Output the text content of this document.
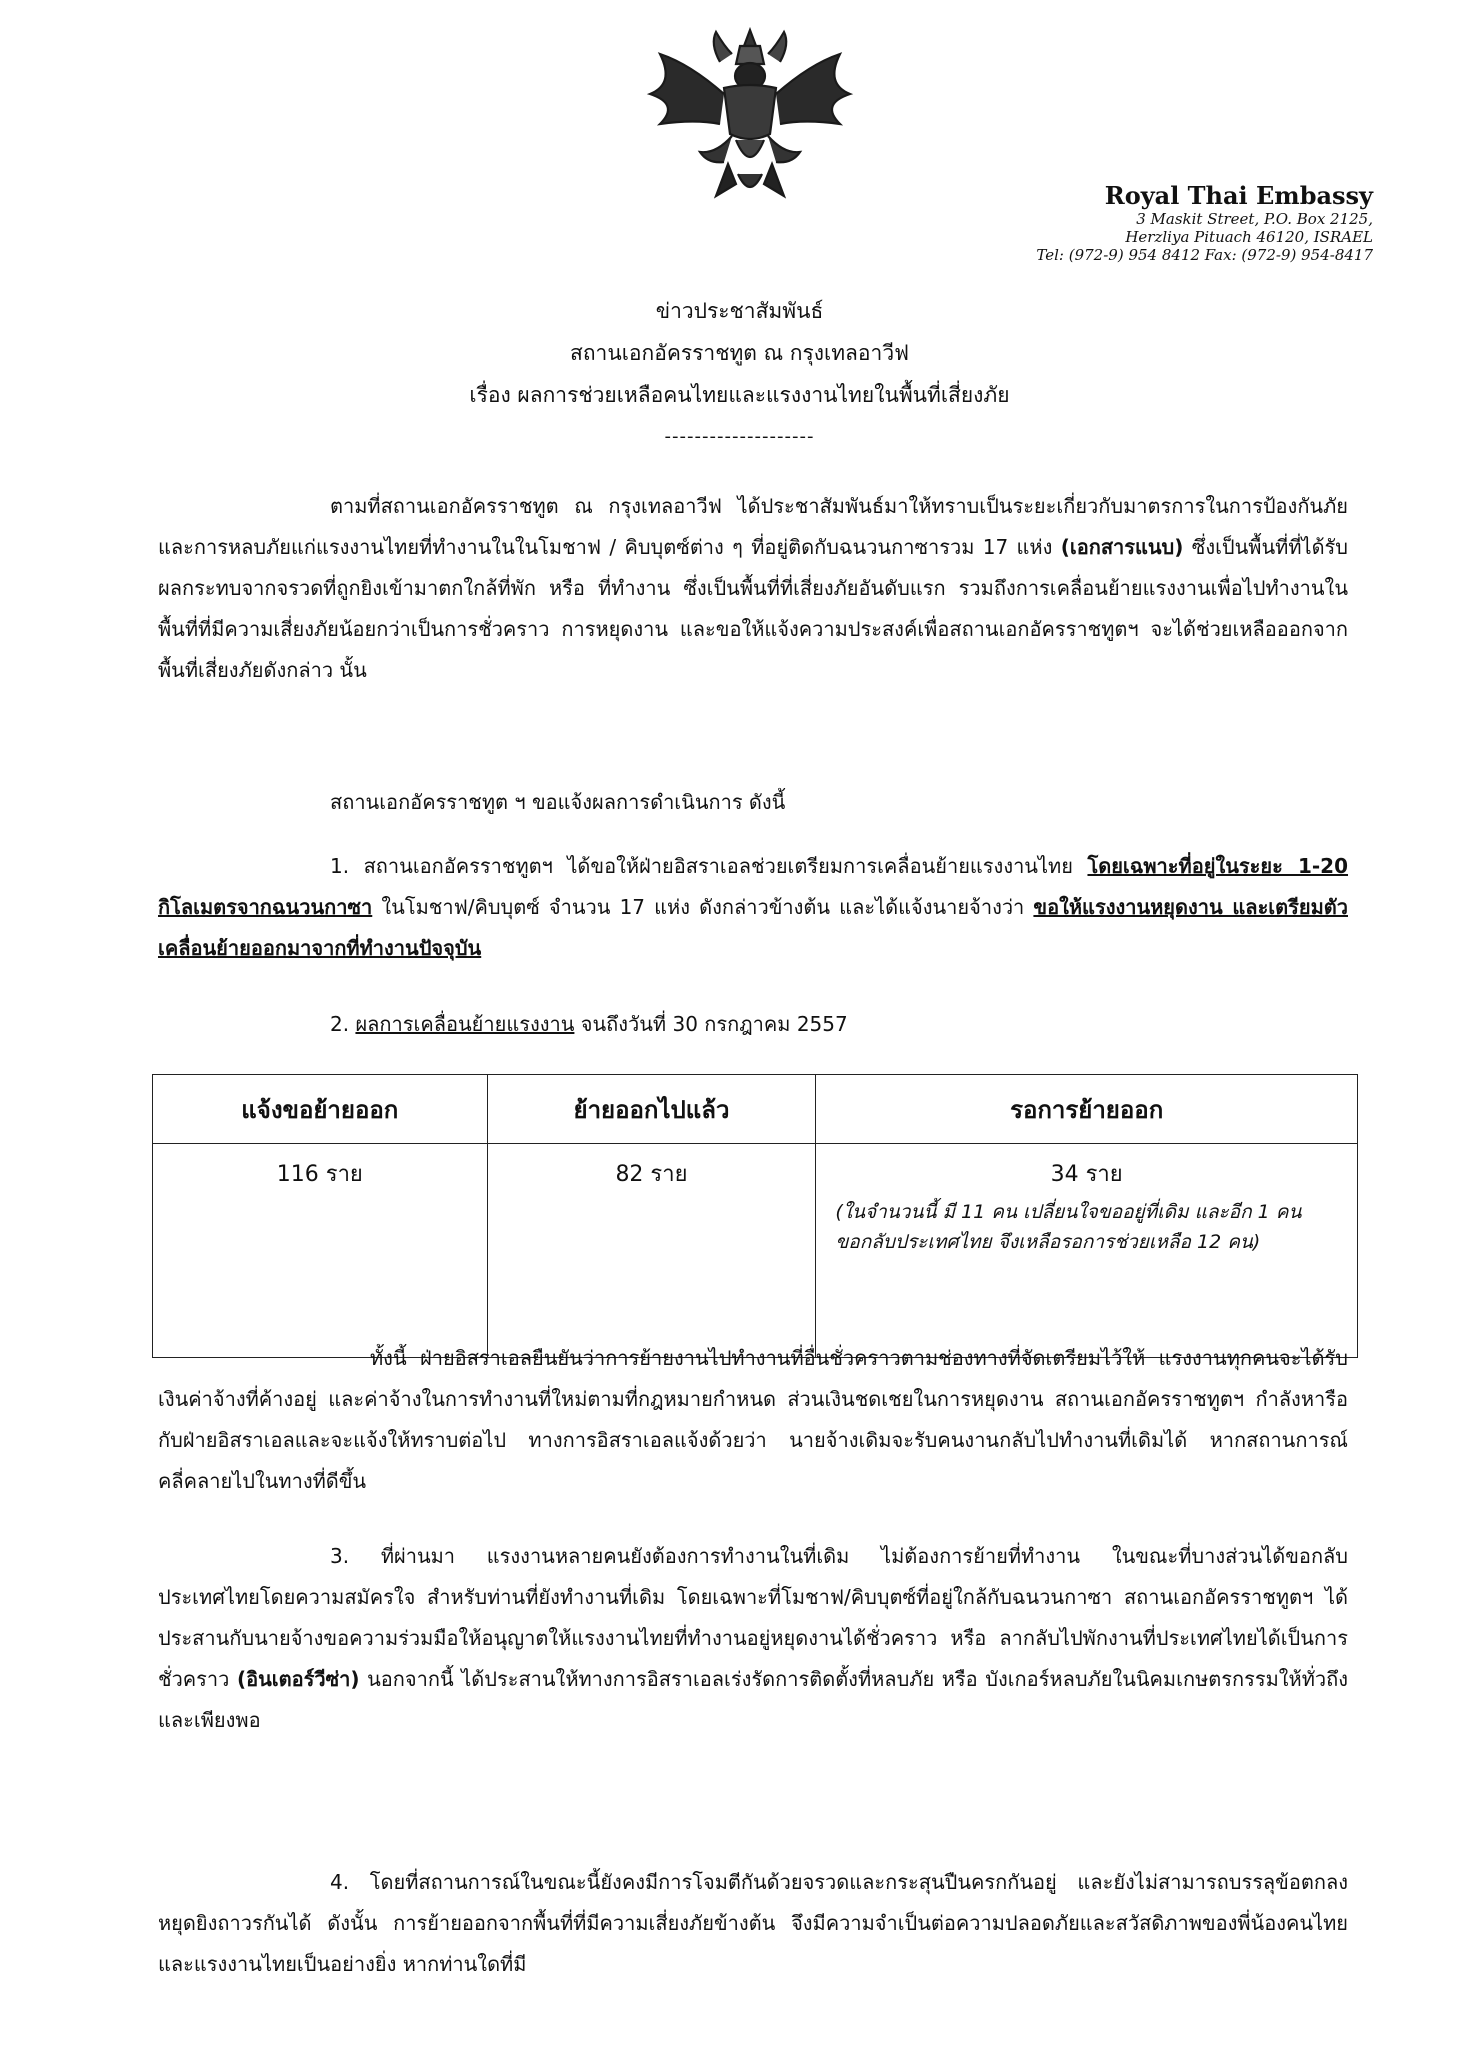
Royal Thai Embassy
3 Maskit Street, P.O. Box 2125,
Herzliya Pituach 46120, ISRAEL
Tel: (972-9) 954 8412 Fax: (972-9) 954-8417
ข่าวประชาสัมพันธ์
สถานเอกอัครราชทูต ณ กรุงเทลอาวีฟ
เรื่อง ผลการช่วยเหลือคนไทยและแรงงานไทยในพื้นที่เสี่ยงภัย
--------------------
ตามที่สถานเอกอัครราชทูต ณ กรุงเทลอาวีฟ ได้ประชาสัมพันธ์มาให้ทราบเป็นระยะเกี่ยวกับมาตรการในการป้องกันภัยและการหลบภัยแก่แรงงานไทยที่ทำงานในในโมชาฟ / คิบบุตซ์ต่าง ๆ ที่อยู่ติดกับฉนวนกาซารวม 17 แห่ง (เอกสารแนบ) ซึ่งเป็นพื้นที่ที่ได้รับผลกระทบจากจรวดที่ถูกยิงเข้ามาตกใกล้ที่พัก หรือ ที่ทำงาน ซึ่งเป็นพื้นที่ที่เสี่ยงภัยอันดับแรก รวมถึงการเคลื่อนย้ายแรงงานเพื่อไปทำงานในพื้นที่ที่มีความเสี่ยงภัยน้อยกว่าเป็นการชั่วคราว การหยุดงาน และขอให้แจ้งความประสงค์เพื่อสถานเอกอัครราชทูตฯ จะได้ช่วยเหลือออกจากพื้นที่เสี่ยงภัยดังกล่าว นั้น
สถานเอกอัครราชทูต ฯ ขอแจ้งผลการดำเนินการ ดังนี้
1. สถานเอกอัครราชทูตฯ ได้ขอให้ฝ่ายอิสราเอลช่วยเตรียมการเคลื่อนย้ายแรงงานไทย โดยเฉพาะที่อยู่ในระยะ 1-20 กิโลเมตรจากฉนวนกาซา ในโมชาฟ/คิบบุตซ์ จำนวน 17 แห่ง ดังกล่าวข้างต้น และได้แจ้งนายจ้างว่า ขอให้แรงงานหยุดงาน และเตรียมตัวเคลื่อนย้ายออกมาจากที่ทำงานปัจจุบัน
2. ผลการเคลื่อนย้ายแรงงาน จนถึงวันที่ 30 กรกฎาคม 2557
แจ้งขอย้ายออก	ย้ายออกไปแล้ว	รอการย้ายออก
116 ราย	82 ราย	34 ราย
(ในจำนวนนี้ มี 11 คน เปลี่ยนใจขออยู่ที่เดิม และอีก 1 คน ขอกลับประเทศไทย จึงเหลือรอการช่วยเหลือ 12 คน)
ทั้งนี้ ฝ่ายอิสราเอลยืนยันว่าการย้ายงานไปทำงานที่อื่นชั่วคราวตามช่องทางที่จัดเตรียมไว้ให้ แรงงานทุกคนจะได้รับเงินค่าจ้างที่ค้างอยู่ และค่าจ้างในการทำงานที่ใหม่ตามที่กฎหมายกำหนด ส่วนเงินชดเชยในการหยุดงาน สถานเอกอัครราชทูตฯ กำลังหารือกับฝ่ายอิสราเอลและจะแจ้งให้ทราบต่อไป ทางการอิสราเอลแจ้งด้วยว่า นายจ้างเดิมจะรับคนงานกลับไปทำงานที่เดิมได้ หากสถานการณ์คลี่คลายไปในทางที่ดีขึ้น
3. ที่ผ่านมา แรงงานหลายคนยังต้องการทำงานในที่เดิม ไม่ต้องการย้ายที่ทำงาน ในขณะที่บางส่วนได้ขอกลับประเทศไทยโดยความสมัครใจ สำหรับท่านที่ยังทำงานที่เดิม โดยเฉพาะที่โมชาฟ/คิบบุตซ์ที่อยู่ใกล้กับฉนวนกาซา สถานเอกอัครราชทูตฯ ได้ประสานกับนายจ้างขอความร่วมมือให้อนุญาตให้แรงงานไทยที่ทำงานอยู่หยุดงานได้ชั่วคราว หรือ ลากลับไปพักงานที่ประเทศไทยได้เป็นการชั่วคราว (อินเตอร์วีซ่า) นอกจากนี้ ได้ประสานให้ทางการอิสราเอลเร่งรัดการติดตั้งที่หลบภัย หรือ บังเกอร์หลบภัยในนิคมเกษตรกรรมให้ทั่วถึงและเพียงพอ
4. โดยที่สถานการณ์ในขณะนี้ยังคงมีการโจมตีกันด้วยจรวดและกระสุนปืนครกกันอยู่ และยังไม่สามารถบรรลุข้อตกลงหยุดยิงถาวรกันได้ ดังนั้น การย้ายออกจากพื้นที่ที่มีความเสี่ยงภัยข้างต้น จึงมีความจำเป็นต่อความปลอดภัยและสวัสดิภาพของพี่น้องคนไทยและแรงงานไทยเป็นอย่างยิ่ง หากท่านใดที่มี
